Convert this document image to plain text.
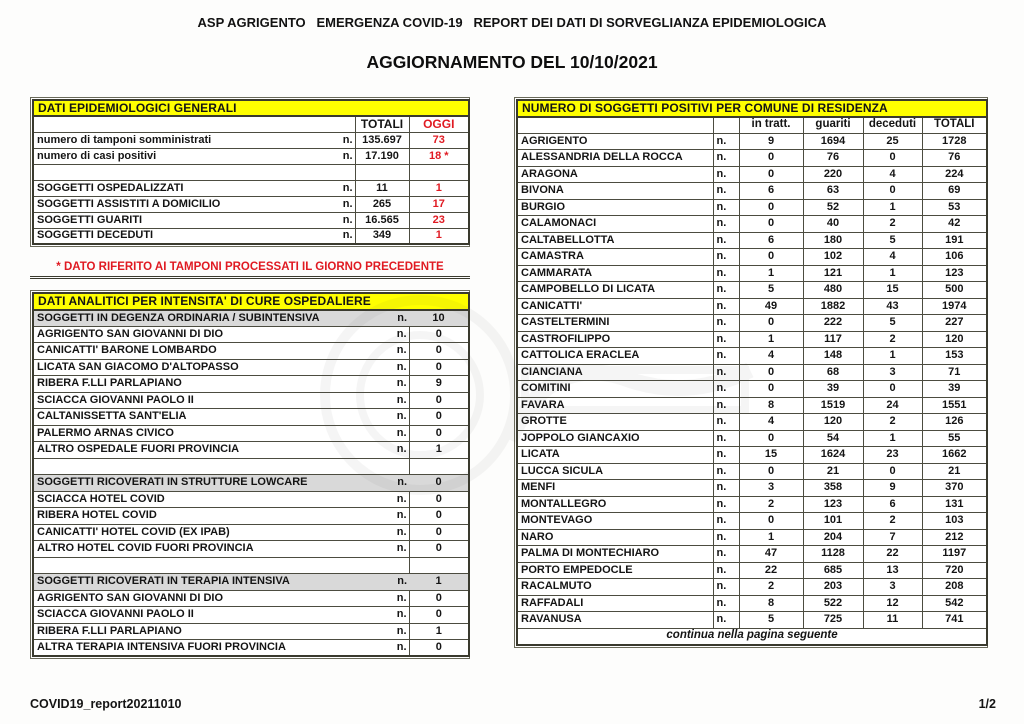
ASP AGRIGENTO   EMERGENZA COVID-19   REPORT DEI DATI DI SORVEGLIANZA EPIDEMIOLOGICA
AGGIORNAMENTO DEL 10/10/2021
DATI EPIDEMIOLOGICI GENERALI			
		TOTALI	OGGI
numero di tamponi somministrati	n.	135.697	73
numero di casi positivi	n.	17.190	18 *

SOGGETTI OSPEDALIZZATI	n.	11	1
SOGGETTI ASSISTITI A DOMICILIO	n.	265	17
SOGGETTI GUARITI	n.	16.565	23
SOGGETTI DECEDUTI	n.	349	1
* DATO RIFERITO AI TAMPONI PROCESSATI IL GIORNO PRECEDENTE
DATI ANALITICI PER INTENSITA' DI CURE OSPEDALIERE		
SOGGETTI IN DEGENZA ORDINARIA / SUBINTENSIVA	n.	10
AGRIGENTO SAN GIOVANNI DI DIO	n.	0
CANICATTI' BARONE LOMBARDO	n.	0
LICATA SAN GIACOMO D'ALTOPASSO	n.	0
RIBERA F.LLI PARLAPIANO	n.	9
SCIACCA GIOVANNI PAOLO II	n.	0
CALTANISSETTA SANT'ELIA	n.	0
PALERMO ARNAS CIVICO	n.	0
ALTRO OSPEDALE FUORI PROVINCIA	n.	1

SOGGETTI RICOVERATI IN STRUTTURE LOWCARE	n.	0
SCIACCA HOTEL COVID	n.	0
RIBERA HOTEL COVID	n.	0
CANICATTI' HOTEL COVID (EX IPAB)	n.	0
ALTRO HOTEL COVID FUORI PROVINCIA	n.	0

SOGGETTI RICOVERATI IN TERAPIA INTENSIVA	n.	1
AGRIGENTO SAN GIOVANNI DI DIO	n.	0
SCIACCA GIOVANNI PAOLO II	n.	0
RIBERA F.LLI PARLAPIANO	n.	1
ALTRA TERAPIA INTENSIVA FUORI PROVINCIA	n.	0
NUMERO DI SOGGETTI POSITIVI PER COMUNE DI RESIDENZA					
		in tratt.	guariti	deceduti	TOTALI
AGRIGENTO	n.	9	1694	25	1728
ALESSANDRIA DELLA ROCCA	n.	0	76	0	76
ARAGONA	n.	0	220	4	224
BIVONA	n.	6	63	0	69
BURGIO	n.	0	52	1	53
CALAMONACI	n.	0	40	2	42
CALTABELLOTTA	n.	6	180	5	191
CAMASTRA	n.	0	102	4	106
CAMMARATA	n.	1	121	1	123
CAMPOBELLO DI LICATA	n.	5	480	15	500
CANICATTI'	n.	49	1882	43	1974
CASTELTERMINI	n.	0	222	5	227
CASTROFILIPPO	n.	1	117	2	120
CATTOLICA ERACLEA	n.	4	148	1	153
CIANCIANA	n.	0	68	3	71
COMITINI	n.	0	39	0	39
FAVARA	n.	8	1519	24	1551
GROTTE	n.	4	120	2	126
JOPPOLO GIANCAXIO	n.	0	54	1	55
LICATA	n.	15	1624	23	1662
LUCCA SICULA	n.	0	21	0	21
MENFI	n.	3	358	9	370
MONTALLEGRO	n.	2	123	6	131
MONTEVAGO	n.	0	101	2	103
NARO	n.	1	204	7	212
PALMA DI MONTECHIARO	n.	47	1128	22	1197
PORTO EMPEDOCLE	n.	22	685	13	720
RACALMUTO	n.	2	203	3	208
RAFFADALI	n.	8	522	12	542
RAVANUSA	n.	5	725	11	741
continua nella pagina seguente					
COVID19_report20211010	1/2
